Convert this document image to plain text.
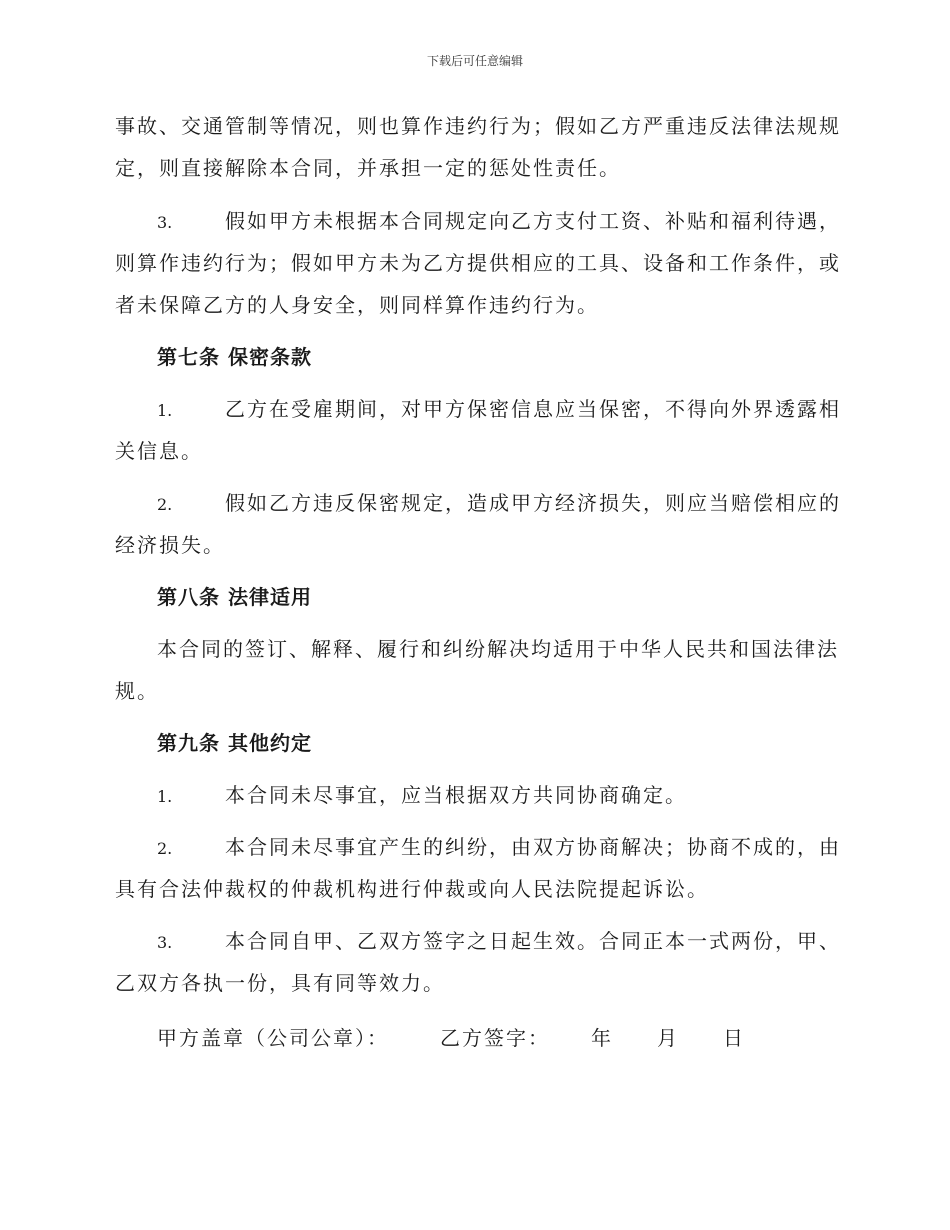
下载后可任意编辑
事故、交通管制等情况，则也算作违约行为；假如乙方严重违反法律法规规
定，则直接解除本合同，并承担一定的惩处性责任。
3.	假如甲方未根据本合同规定向乙方支付工资、补贴和福利待遇，
则算作违约行为；假如甲方未为乙方提供相应的工具、设备和工作条件，或
者未保障乙方的人身安全，则同样算作违约行为。
第七条 保密条款
1.	乙方在受雇期间，对甲方保密信息应当保密，不得向外界透露相
关信息。
2.	假如乙方违反保密规定，造成甲方经济损失，则应当赔偿相应的
经济损失。
第八条 法律适用
本合同的签订、解释、履行和纠纷解决均适用于中华人民共和国法律法
规。
第九条 其他约定
1.	本合同未尽事宜，应当根据双方共同协商确定。
2.	本合同未尽事宜产生的纠纷，由双方协商解决；协商不成的，由
具有合法仲裁权的仲裁机构进行仲裁或向人民法院提起诉讼。
3.	本合同自甲、乙双方签字之日起生效。合同正本一式两份，甲、
乙双方各执一份，具有同等效力。
甲方盖章（公司公章）：	乙方签字： 年 月 日
